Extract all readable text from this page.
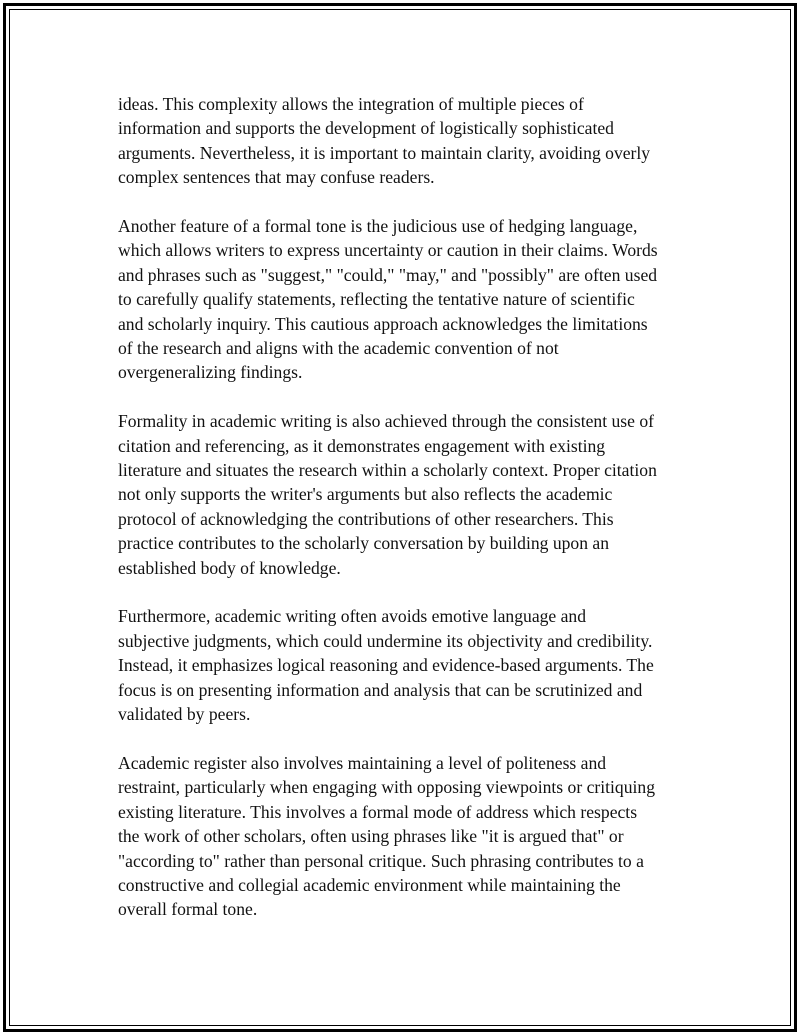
ideas. This complexity allows the integration of multiple pieces of
information and supports the development of logistically sophisticated
arguments. Nevertheless, it is important to maintain clarity, avoiding overly
complex sentences that may confuse readers.

Another feature of a formal tone is the judicious use of hedging language,
which allows writers to express uncertainty or caution in their claims. Words
and phrases such as "suggest," "could," "may," and "possibly" are often used
to carefully qualify statements, reflecting the tentative nature of scientific
and scholarly inquiry. This cautious approach acknowledges the limitations
of the research and aligns with the academic convention of not
overgeneralizing findings.

Formality in academic writing is also achieved through the consistent use of
citation and referencing, as it demonstrates engagement with existing
literature and situates the research within a scholarly context. Proper citation
not only supports the writer's arguments but also reflects the academic
protocol of acknowledging the contributions of other researchers. This
practice contributes to the scholarly conversation by building upon an
established body of knowledge.

Furthermore, academic writing often avoids emotive language and
subjective judgments, which could undermine its objectivity and credibility.
Instead, it emphasizes logical reasoning and evidence-based arguments. The
focus is on presenting information and analysis that can be scrutinized and
validated by peers.

Academic register also involves maintaining a level of politeness and
restraint, particularly when engaging with opposing viewpoints or critiquing
existing literature. This involves a formal mode of address which respects
the work of other scholars, often using phrases like "it is argued that" or
"according to" rather than personal critique. Such phrasing contributes to a
constructive and collegial academic environment while maintaining the
overall formal tone.
